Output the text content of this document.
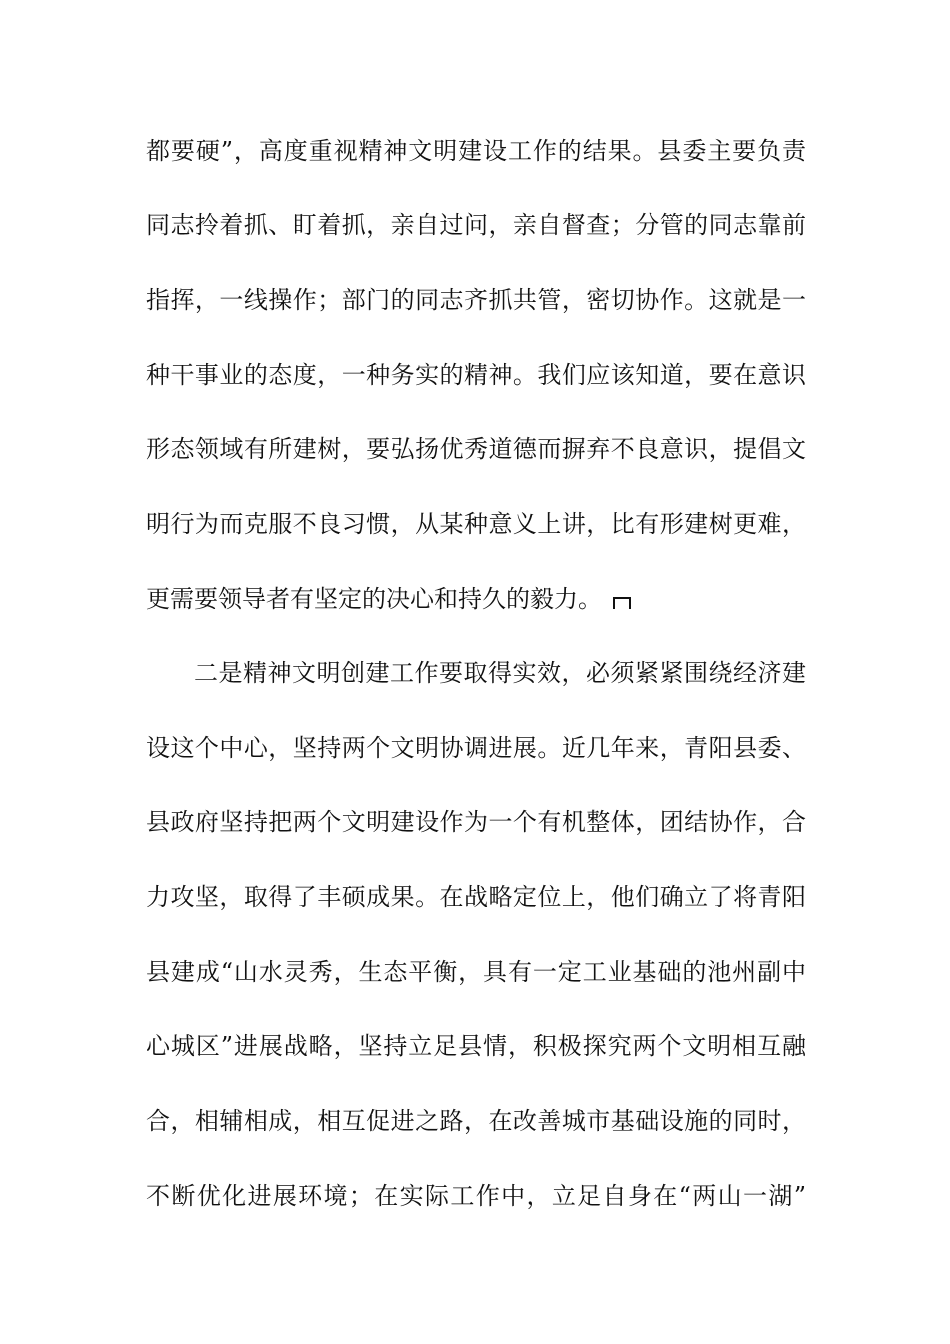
都要硬”，高度重视精神文明建设工作的结果。县委主要负责
同志拎着抓、盯着抓，亲自过问，亲自督查；分管的同志靠前
指挥，一线操作；部门的同志齐抓共管，密切协作。这就是一
种干事业的态度，一种务实的精神。我们应该知道，要在意识
形态领域有所建树，要弘扬优秀道德而摒弃不良意识，提倡文
明行为而克服不良习惯，从某种意义上讲，比有形建树更难，
更需要领导者有坚定的决心和持久的毅力。
二是精神文明创建工作要取得实效，必须紧紧围绕经济建
设这个中心，坚持两个文明协调进展。近几年来，青阳县委、
县政府坚持把两个文明建设作为一个有机整体，团结协作，合
力攻坚，取得了丰硕成果。在战略定位上，他们确立了将青阳
县建成“山水灵秀，生态平衡，具有一定工业基础的池州副中
心城区”进展战略，坚持立足县情，积极探究两个文明相互融
合，相辅相成，相互促进之路，在改善城市基础设施的同时，
不断优化进展环境；在实际工作中，立足自身在“两山一湖”
